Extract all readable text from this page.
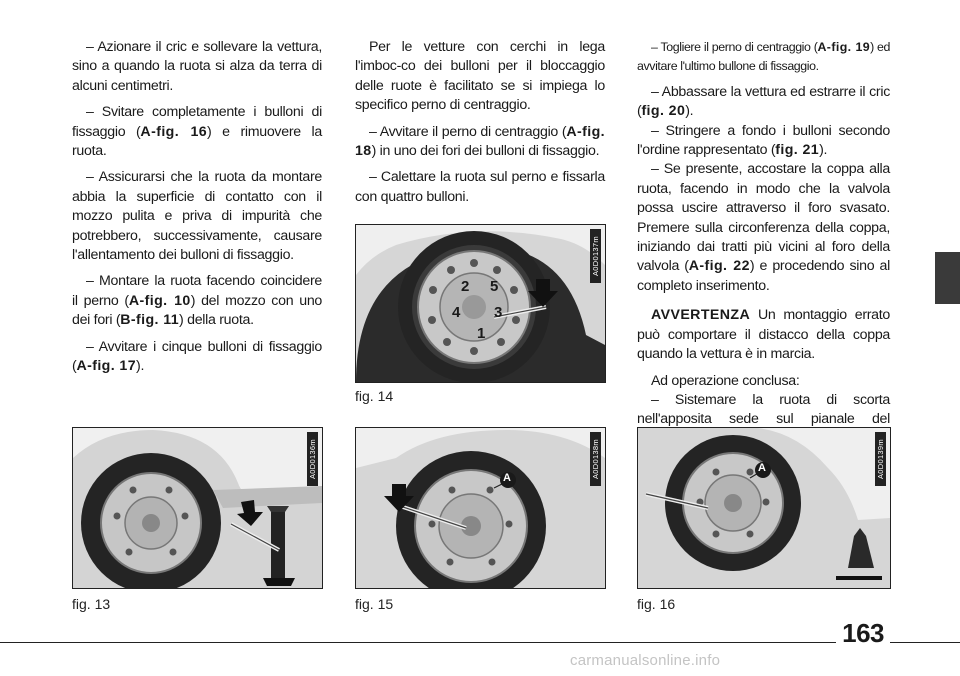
– Azionare il cric e sollevare la vettura, sino a quando la ruota si alza da terra di alcuni centimetri.

– Svitare completamente i bulloni di fissaggio (A-fig. 16) e rimuovere la ruota.

– Assicurarsi che la ruota da montare abbia la superficie di contatto con il mozzo pulita e priva di impurità che potrebbero, successivamente, causare l'allentamento dei bulloni di fissaggio.

– Montare la ruota facendo coincidere il perno (A-fig. 10) del mozzo con uno dei fori (B-fig. 11) della ruota.

– Avvitare i cinque bulloni di fissaggio (A-fig. 17).

Per le vetture con cerchi in lega l'imboc-co dei bulloni per il bloccaggio delle ruote è facilitato se si impiega lo specifico perno di centraggio.

– Avvitare il perno di centraggio (A-fig. 18) in uno dei fori dei bulloni di fissaggio.

– Calettare la ruota sul perno e fissarla con quattro bulloni.

– Togliere il perno di centraggio (A-fig. 19) ed avvitare l'ultimo bullone di fissaggio.

– Abbassare la vettura ed estrarre il cric (fig. 20).

– Stringere a fondo i bulloni secondo l'ordine rappresentato (fig. 21).

– Se presente, accostare la coppa alla ruota, facendo in modo che la valvola possa uscire attraverso il foro svasato. Premere sulla circonferenza della coppa, iniziando dai tratti più vicini al foro della valvola (A-fig. 22) e procedendo sino al completo inserimento.

AVVERTENZA Un montaggio errato può comportare il distacco della coppa quando la vettura è in marcia.

Ad operazione conclusa:

– Sistemare la ruota di scorta nell'apposita sede sul pianale del

2 5
4 3
1
A0D0137m
fig. 14
A0D0136m
fig. 13
A	A0D0138m
fig. 15
A	A0D0139m
fig. 16
163
carmanualsonline.info
